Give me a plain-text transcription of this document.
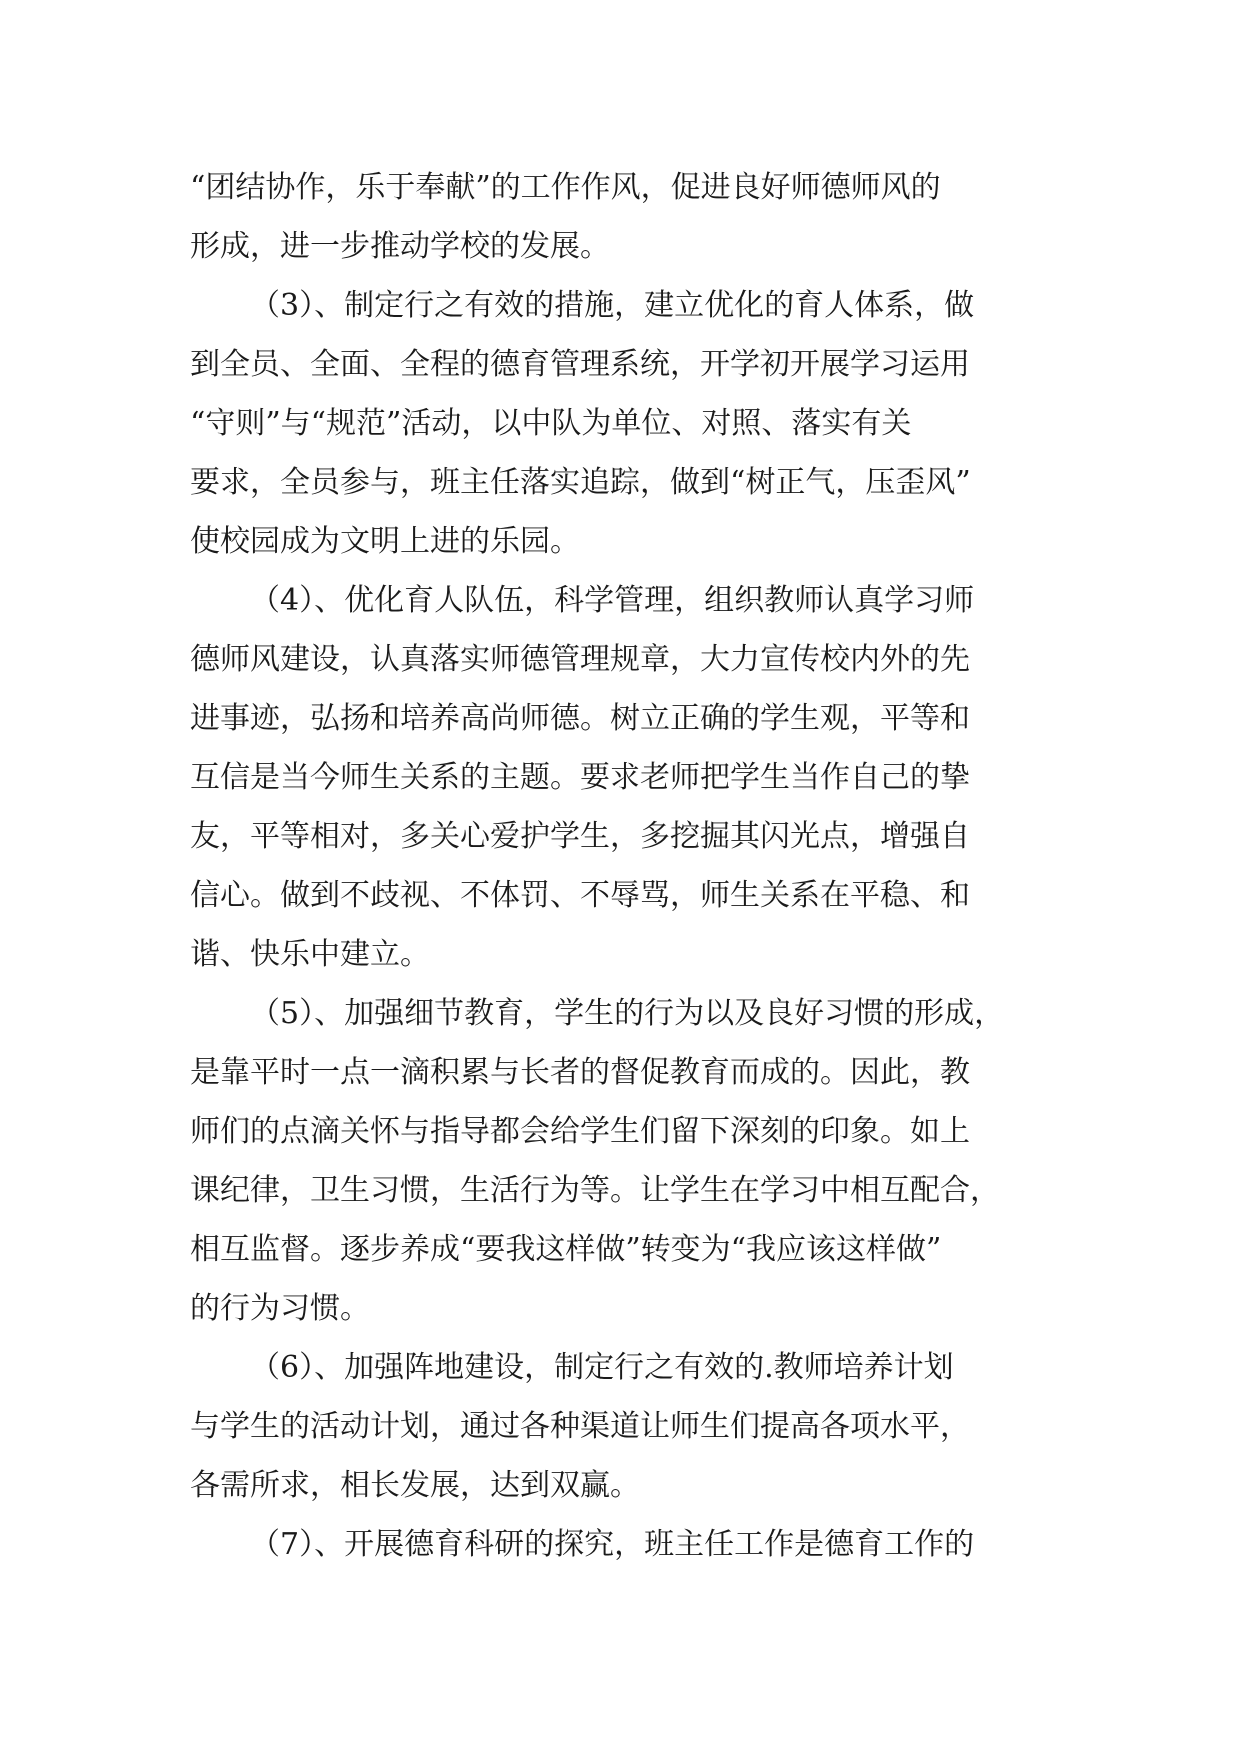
“团结协作，乐于奉献”的工作作风，促进良好师德师风的
形成，进一步推动学校的发展。
（3）、制定行之有效的措施，建立优化的育人体系，做
到全员、全面、全程的德育管理系统，开学初开展学习运用
“守则”与“规范”活动，以中队为单位、对照、落实有关
要求，全员参与，班主任落实追踪，做到“树正气，压歪风”
使校园成为文明上进的乐园。
（4）、优化育人队伍，科学管理，组织教师认真学习师
德师风建设，认真落实师德管理规章，大力宣传校内外的先
进事迹，弘扬和培养高尚师德。树立正确的学生观，平等和
互信是当今师生关系的主题。要求老师把学生当作自己的挚
友，平等相对，多关心爱护学生，多挖掘其闪光点，增强自
信心。做到不歧视、不体罚、不辱骂，师生关系在平稳、和
谐、快乐中建立。
（5）、加强细节教育，学生的行为以及良好习惯的形成，
是靠平时一点一滴积累与长者的督促教育而成的。因此，教
师们的点滴关怀与指导都会给学生们留下深刻的印象。如上
课纪律，卫生习惯，生活行为等。让学生在学习中相互配合，
相互监督。逐步养成“要我这样做”转变为“我应该这样做”
的行为习惯。
（6）、加强阵地建设，制定行之有效的.教师培养计划
与学生的活动计划，通过各种渠道让师生们提高各项水平，
各需所求，相长发展，达到双赢。
（7）、开展德育科研的探究，班主任工作是德育工作的
